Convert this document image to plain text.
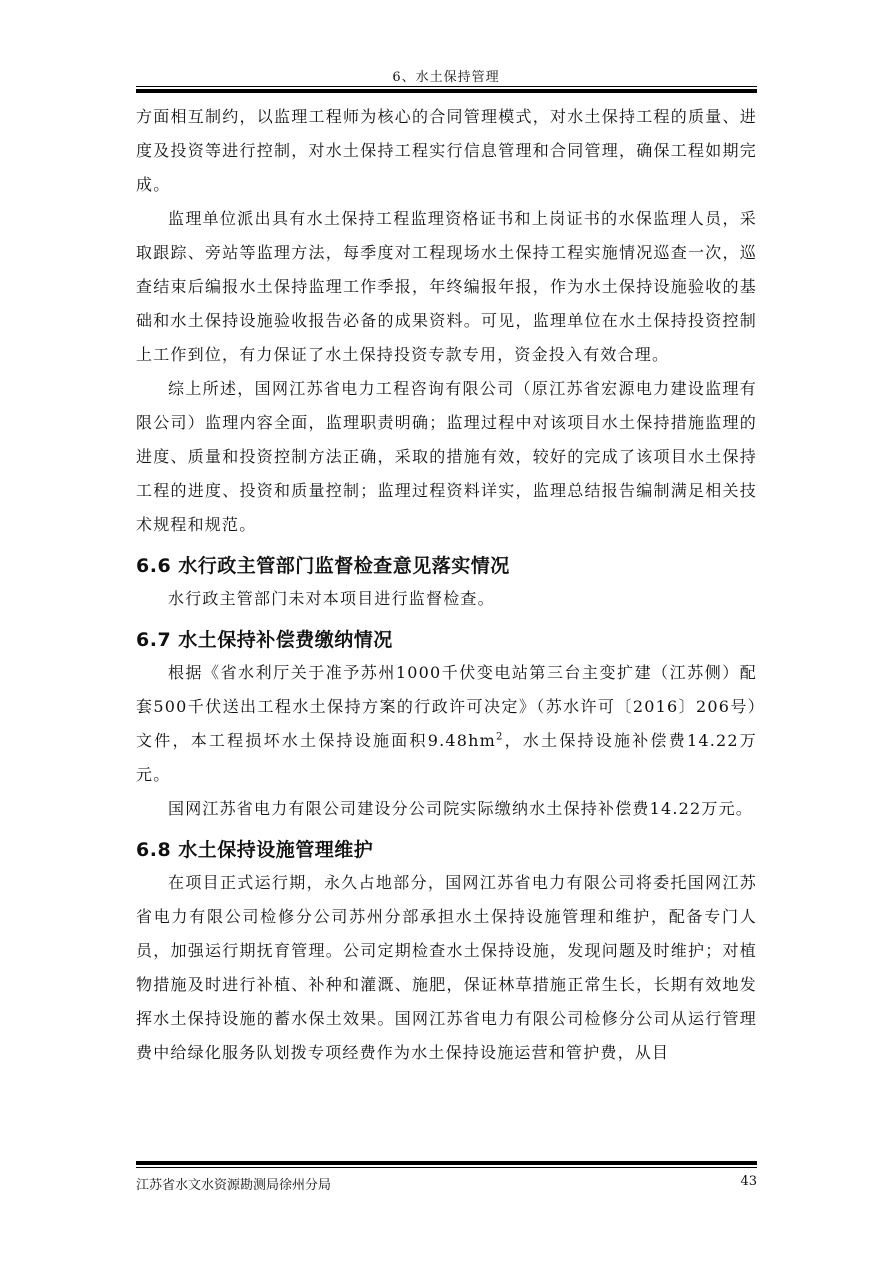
6、水土保持管理

方面相互制约，以监理工程师为核心的合同管理模式，对水土保持工程的质量、进度及投资等进行控制，对水土保持工程实行信息管理和合同管理，确保工程如期完成。

监理单位派出具有水土保持工程监理资格证书和上岗证书的水保监理人员，采取跟踪、旁站等监理方法，每季度对工程现场水土保持工程实施情况巡查一次，巡查结束后编报水土保持监理工作季报，年终编报年报，作为水土保持设施验收的基础和水土保持设施验收报告必备的成果资料。可见，监理单位在水土保持投资控制上工作到位，有力保证了水土保持投资专款专用，资金投入有效合理。

综上所述，国网江苏省电力工程咨询有限公司（原江苏省宏源电力建设监理有限公司）监理内容全面，监理职责明确；监理过程中对该项目水土保持措施监理的进度、质量和投资控制方法正确，采取的措施有效，较好的完成了该项目水土保持工程的进度、投资和质量控制；监理过程资料详实，监理总结报告编制满足相关技术规程和规范。

6.6 水行政主管部门监督检查意见落实情况

水行政主管部门未对本项目进行监督检查。

6.7 水土保持补偿费缴纳情况

根据《省水利厅关于准予苏州1000千伏变电站第三台主变扩建（江苏侧）配套500千伏送出工程水土保持方案的行政许可决定》（苏水许可〔2016〕206号）文件，本工程损坏水土保持设施面积$9.48hm^2$，水土保持设施补偿费14.22万元。

国网江苏省电力有限公司建设分公司院实际缴纳水土保持补偿费14.22万元。

6.8 水土保持设施管理维护

在项目正式运行期，永久占地部分，国网江苏省电力有限公司将委托国网江苏省电力有限公司检修分公司苏州分部承担水土保持设施管理和维护，配备专门人员，加强运行期抚育管理。公司定期检查水土保持设施，发现问题及时维护；对植物措施及时进行补植、补种和灌溉、施肥，保证林草措施正常生长，长期有效地发挥水土保持设施的蓄水保土效果。国网江苏省电力有限公司检修分公司从运行管理费中给绿化服务队划拨专项经费作为水土保持设施运营和管护费，从目

江苏省水文水资源勘测局徐州分局	43
